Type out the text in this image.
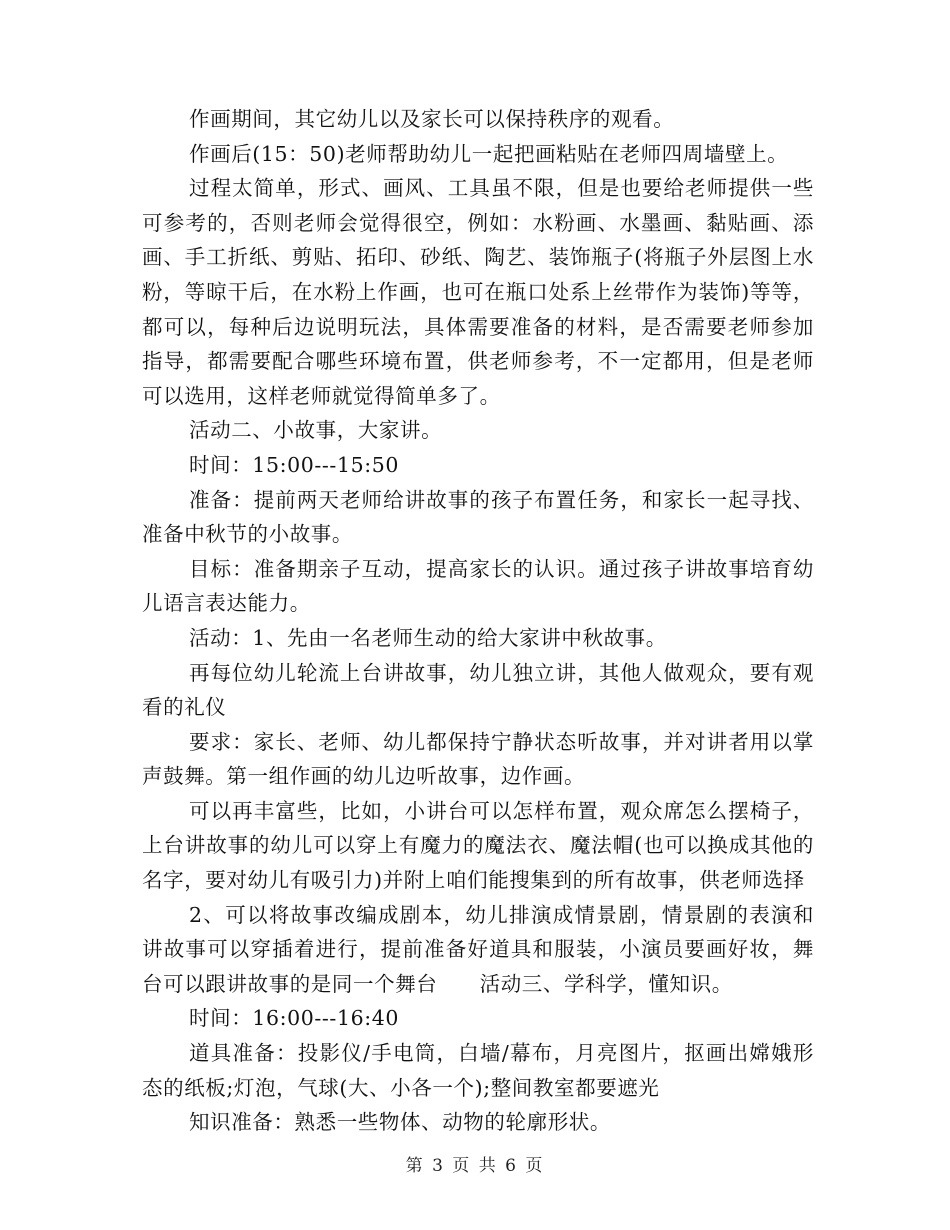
作画期间，其它幼儿以及家长可以保持秩序的观看。

作画后(15：50)老师帮助幼儿一起把画粘贴在老师四周墙壁上。

过程太简单，形式、画风、工具虽不限，但是也要给老师提供一些可参考的，否则老师会觉得很空，例如：水粉画、水墨画、黏贴画、添画、手工折纸、剪贴、拓印、砂纸、陶艺、装饰瓶子(将瓶子外层图上水粉，等晾干后，在水粉上作画，也可在瓶口处系上丝带作为装饰)等等，都可以，每种后边说明玩法，具体需要准备的材料，是否需要老师参加指导，都需要配合哪些环境布置，供老师参考，不一定都用，但是老师可以选用，这样老师就觉得简单多了。

活动二、小故事，大家讲。

时间：15:00---15:50

准备：提前两天老师给讲故事的孩子布置任务，和家长一起寻找、准备中秋节的小故事。

目标：准备期亲子互动，提高家长的认识。通过孩子讲故事培育幼儿语言表达能力。

活动：1、先由一名老师生动的给大家讲中秋故事。

再每位幼儿轮流上台讲故事，幼儿独立讲，其他人做观众，要有观看的礼仪

要求：家长、老师、幼儿都保持宁静状态听故事，并对讲者用以掌声鼓舞。第一组作画的幼儿边听故事，边作画。

可以再丰富些，比如，小讲台可以怎样布置，观众席怎么摆椅子，上台讲故事的幼儿可以穿上有魔力的魔法衣、魔法帽(也可以换成其他的名字，要对幼儿有吸引力)并附上咱们能搜集到的所有故事，供老师选择

2、可以将故事改编成剧本，幼儿排演成情景剧，情景剧的表演和讲故事可以穿插着进行，提前准备好道具和服装，小演员要画好妆，舞台可以跟讲故事的是同一个舞台　　活动三、学科学，懂知识。

时间：16:00---16:40

道具准备：投影仪/手电筒，白墙/幕布，月亮图片，抠画出嫦娥形态的纸板;灯泡，气球(大、小各一个);整间教室都要遮光

知识准备：熟悉一些物体、动物的轮廓形状。

第 3 页 共 6 页
